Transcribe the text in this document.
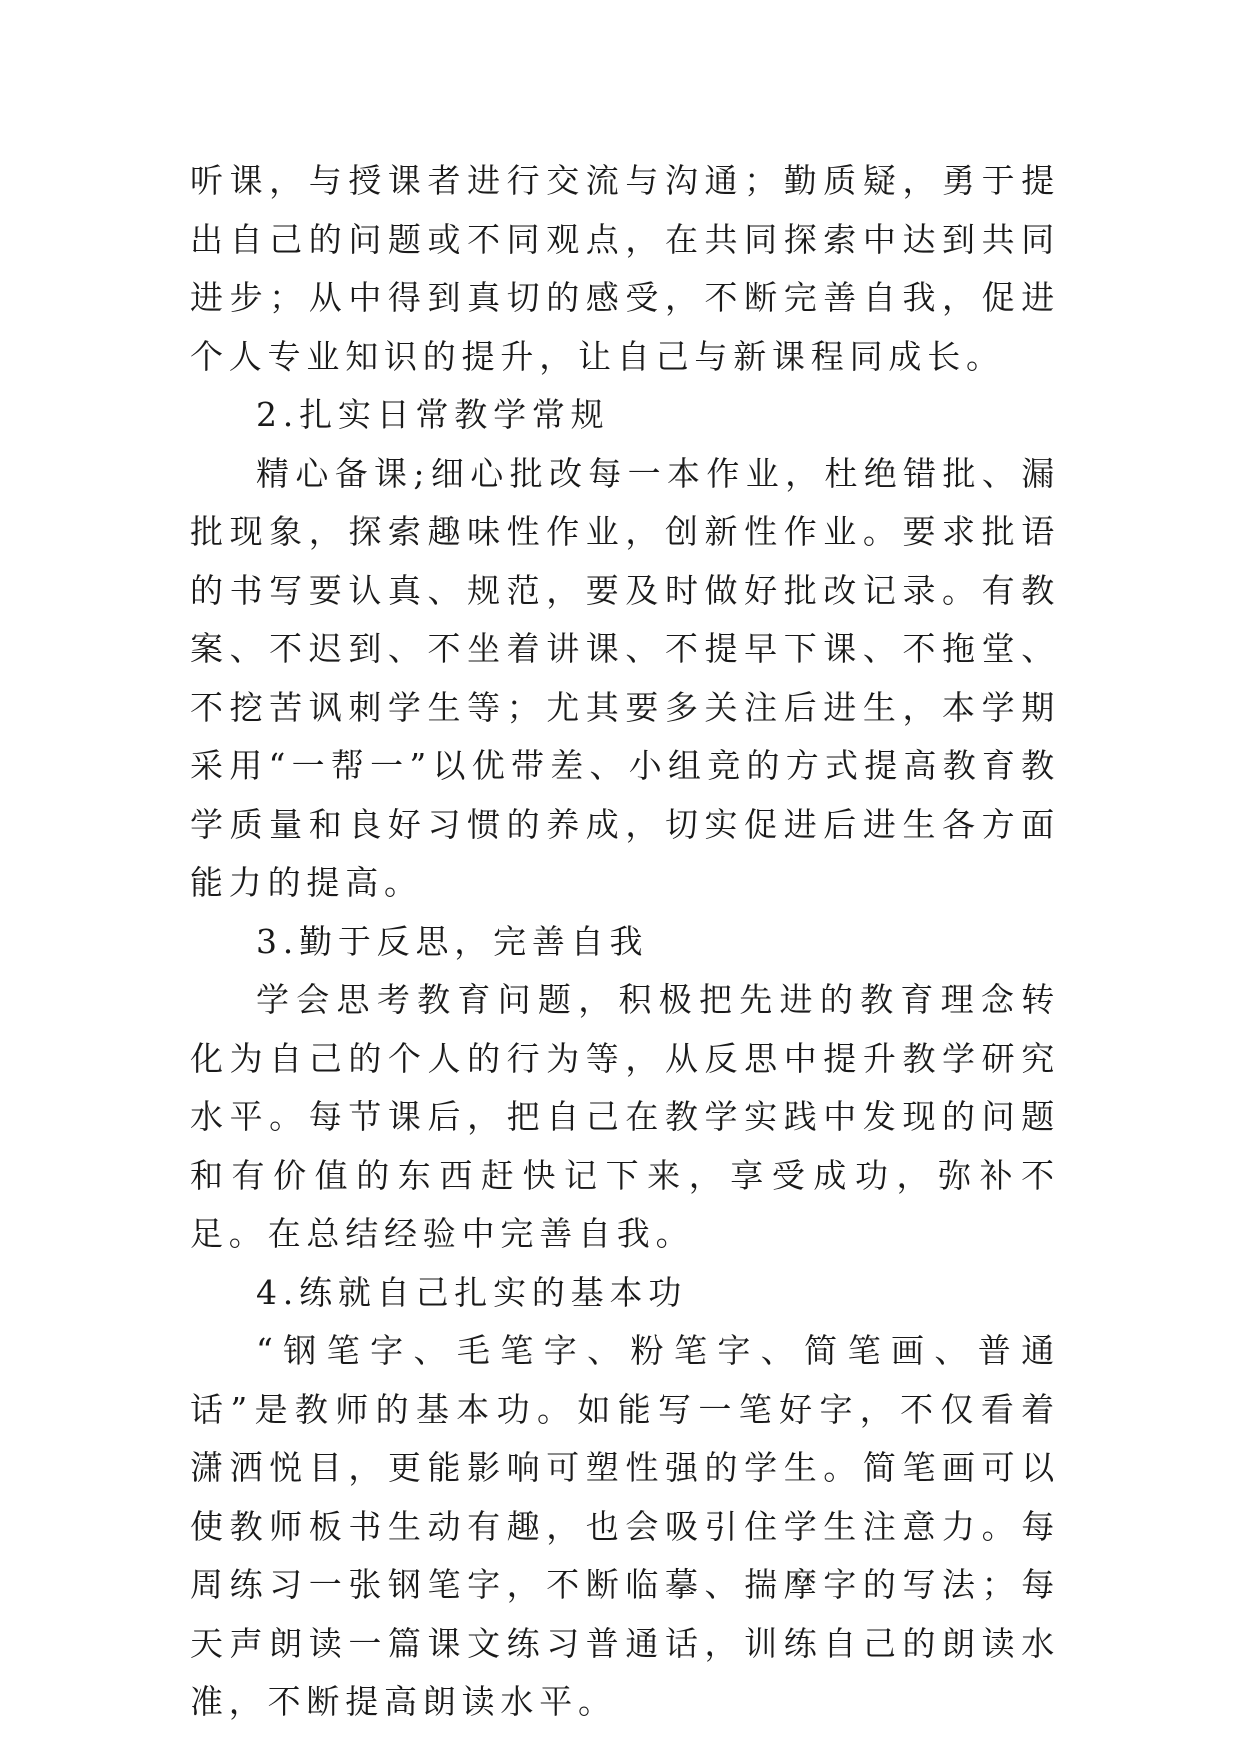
听课，与授课者进行交流与沟通；勤质疑，勇于提出自己的问题或不同观点，在共同探索中达到共同进步；从中得到真切的感受，不断完善自我，促进个人专业知识的提升，让自己与新课程同成长。

2.扎实日常教学常规

精心备课;细心批改每一本作业，杜绝错批、漏批现象，探索趣味性作业，创新性作业。要求批语的书写要认真、规范，要及时做好批改记录。有教案、不迟到、不坐着讲课、不提早下课、不拖堂、不挖苦讽刺学生等；尤其要多关注后进生，本学期采用“一帮一”以优带差、小组竞的方式提高教育教学质量和良好习惯的养成，切实促进后进生各方面能力的提高。

3.勤于反思，完善自我

学会思考教育问题，积极把先进的教育理念转化为自己的个人的行为等，从反思中提升教学研究水平。每节课后，把自己在教学实践中发现的问题和有价值的东西赶快记下来，享受成功，弥补不足。在总结经验中完善自我。

4.练就自己扎实的基本功

“钢笔字、毛笔字、粉笔字、简笔画、普通话”是教师的基本功。如能写一笔好字，不仅看着潇洒悦目，更能影响可塑性强的学生。简笔画可以使教师板书生动有趣，也会吸引住学生注意力。每周练习一张钢笔字，不断临摹、揣摩字的写法；每天声朗读一篇课文练习普通话，训练自己的朗读水准，不断提高朗读水平。
